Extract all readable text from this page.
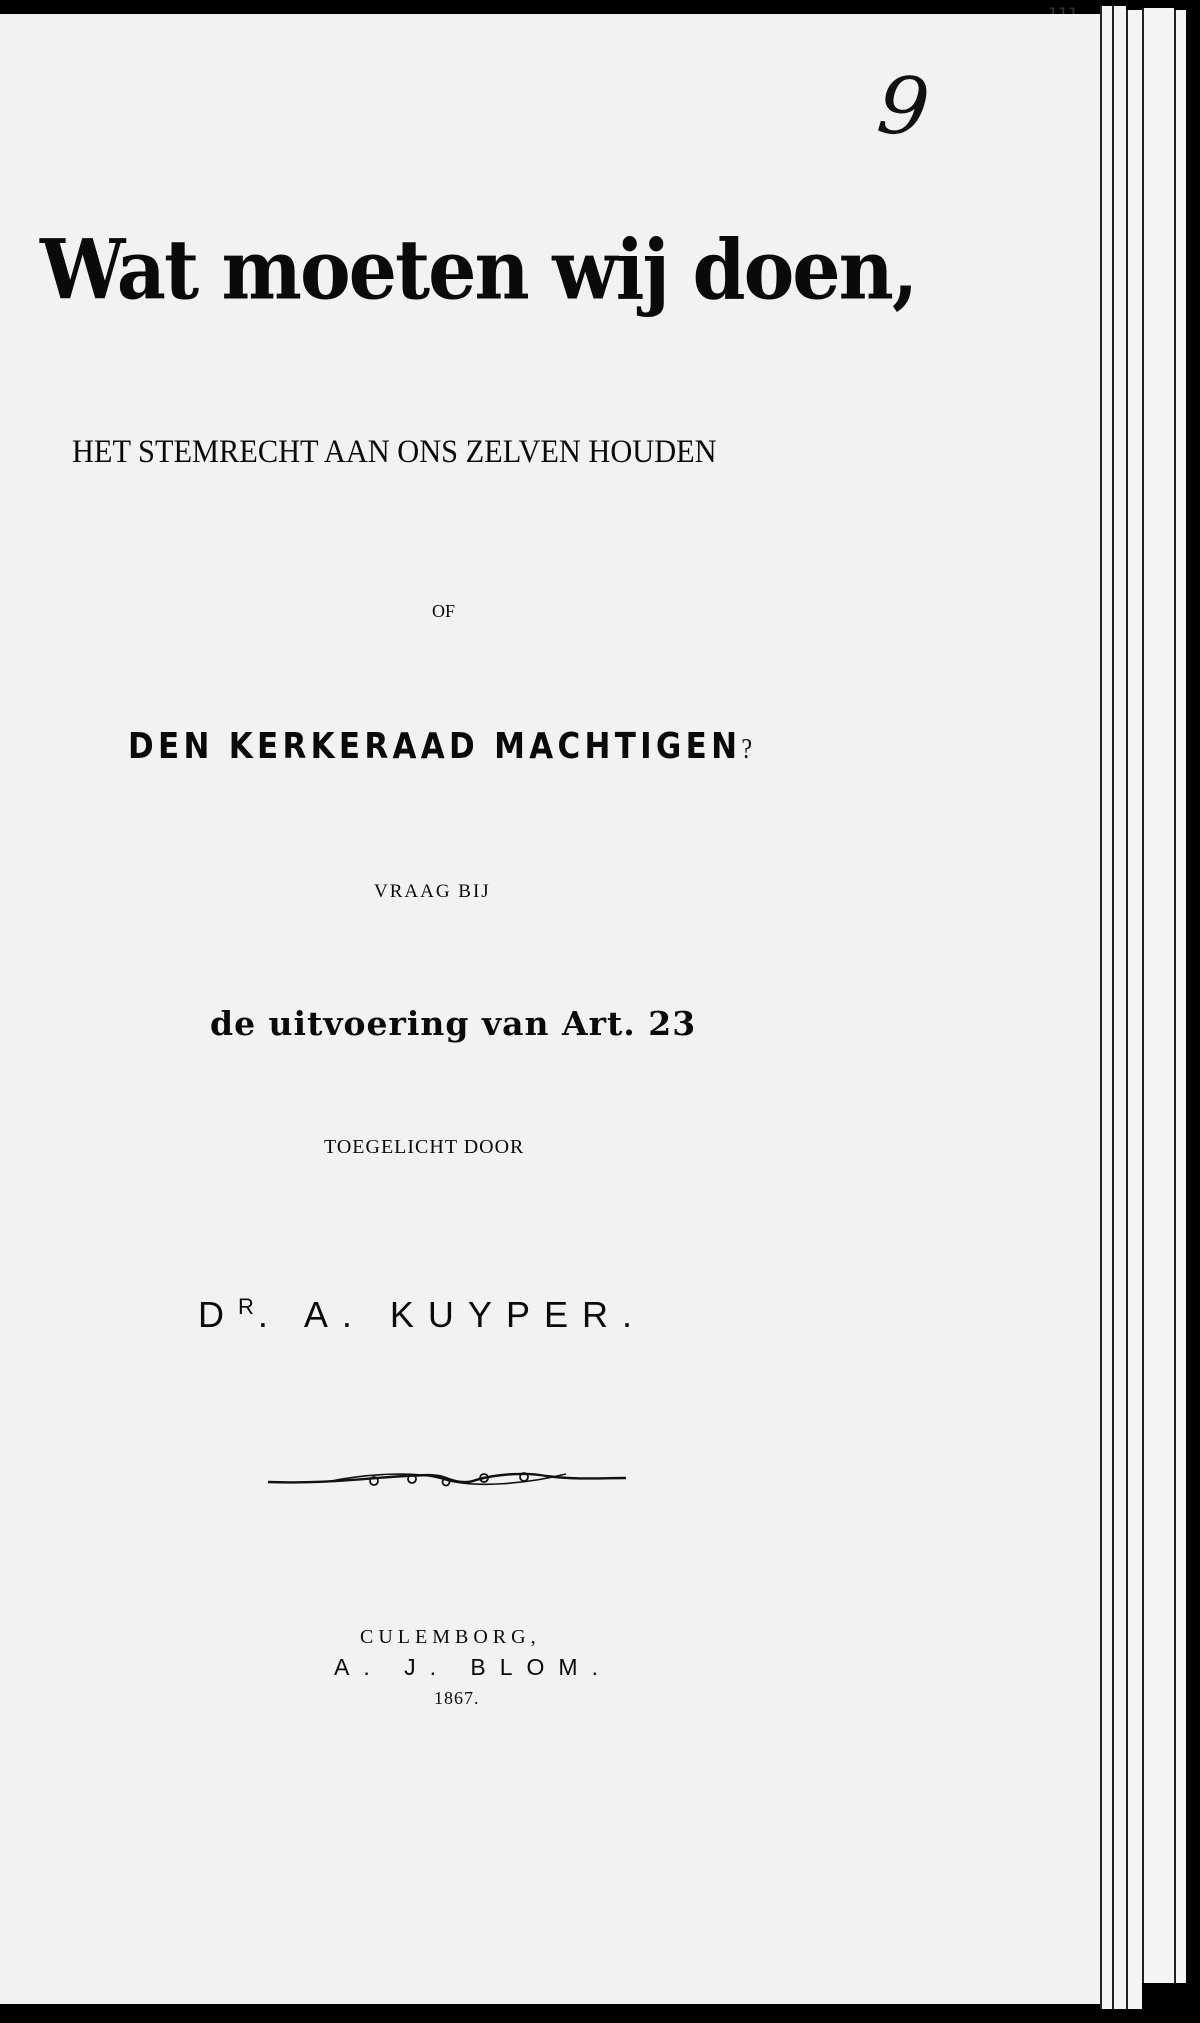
9
Wat moeten wij doen,
HET STEMRECHT AAN ONS ZELVEN HOUDEN
OF
DEN KERKERAAD MACHTIGEN?
VRAAG BIJ
de uitvoering van Art. 23
TOEGELICHT DOOR
$D^R$. A. KUYPER.
CULEMBORG,
A. J. BLOM.
1867.
